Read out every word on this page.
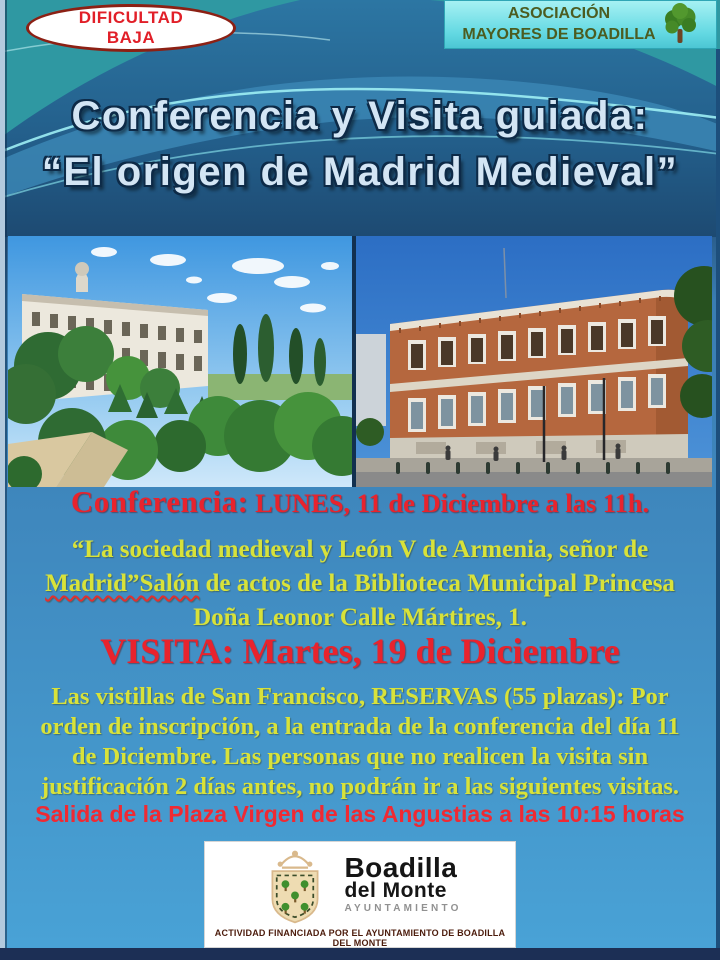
DIFICULTAD
BAJA
ASOCIACIÓN
MAYORES DE BOADILLA
Conferencia y Visita guiada:
“El origen de Madrid Medieval”
Conferencia: LUNES, 11 de Diciembre a las 11h.
“La sociedad medieval y León V de Armenia, señor de
Madrid”Salón de actos de la Biblioteca Municipal Princesa
Doña Leonor Calle Mártires, 1.
VISITA: Martes, 19 de Diciembre
Las vistillas de San Francisco, RESERVAS (55 plazas): Por
orden de inscripción, a la entrada de la conferencia del día 11
de Diciembre. Las personas que no realicen la visita sin
justificación 2 días antes, no podrán ir a las siguientes visitas.
Salida de la Plaza Virgen de las Angustias a las 10:15 horas
Boadilla
del Monte
AYUNTAMIENTO
ACTIVIDAD FINANCIADA POR EL AYUNTAMIENTO DE BOADILLA DEL MONTE
